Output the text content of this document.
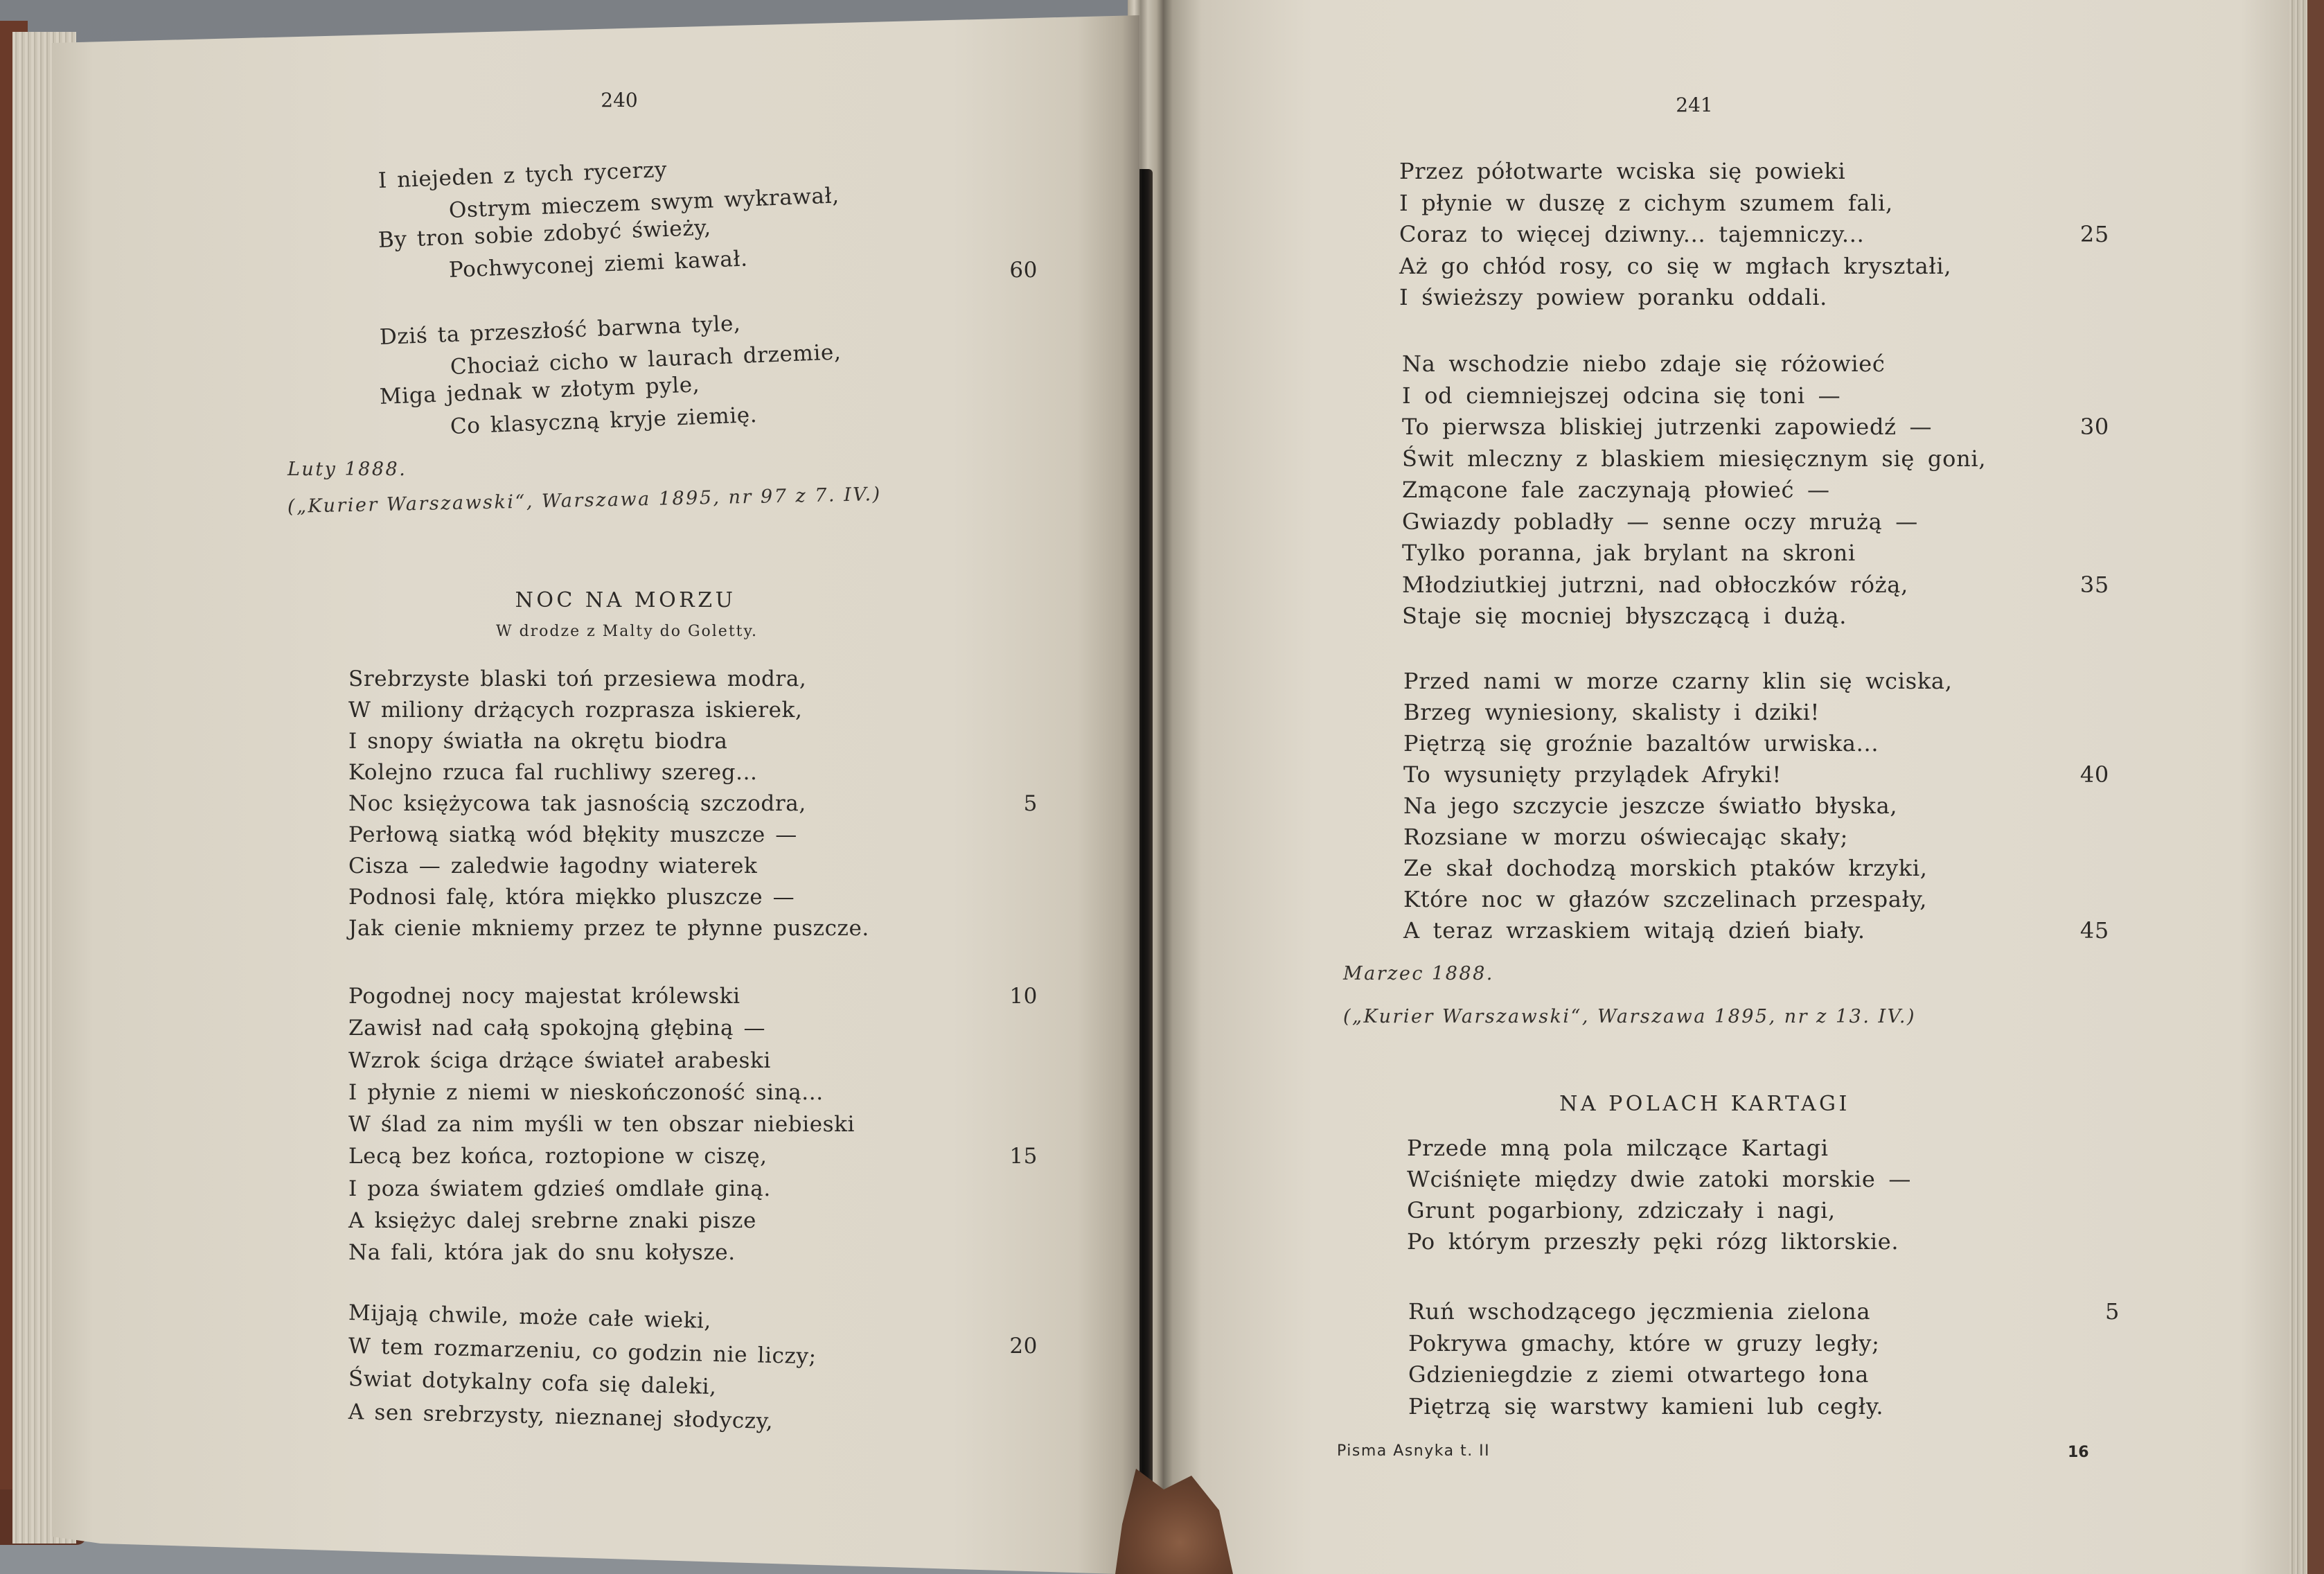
240
I niejeden z tych rycerzy
Ostrym mieczem swym wykrawał,
By tron sobie zdobyć świeży,
Pochwyconej ziemi kawał.	60
Dziś ta przeszłość barwna tyle,
Chociaż cicho w laurach drzemie,
Miga jednak w złotym pyle,
Co klasyczną kryje ziemię.
Luty 1888.
(„Kurier Warszawski“, Warszawa 1895, nr 97 z 7. IV.)
NOC NA MORZU
W drodze z Malty do Goletty.
Srebrzyste blaski toń przesiewa modra,
W miliony drżących rozprasza iskierek,
I snopy światła na okrętu biodra
Kolejno rzuca fal ruchliwy szereg...
Noc księżycowa tak jasnością szczodra,	5
Perłową siatką wód błękity muszcze —
Cisza — zaledwie łagodny wiaterek
Podnosi falę, która miękko pluszcze —
Jak cienie mkniemy przez te płynne puszcze.
Pogodnej nocy majestat królewski	10
Zawisł nad całą spokojną głębiną —
Wzrok ściga drżące świateł arabeski
I płynie z niemi w nieskończoność siną...
W ślad za nim myśli w ten obszar niebieski
Lecą bez końca, roztopione w ciszę,	15
I poza światem gdzieś omdlałe giną.
A księżyc dalej srebrne znaki pisze
Na fali, która jak do snu kołysze.
Mijają chwile, może całe wieki,
W tem rozmarzeniu, co godzin nie liczy;	20
Świat dotykalny cofa się daleki,
A sen srebrzysty, nieznanej słodyczy,
241
Przez półotwarte wciska się powieki
I płynie w duszę z cichym szumem fali,
Coraz to więcej dziwny... tajemniczy...	25
Aż go chłód rosy, co się w mgłach kryształi,
I świeższy powiew poranku oddali.
Na wschodzie niebo zdaje się różowieć
I od ciemniejszej odcina się toni —
To pierwsza bliskiej jutrzenki zapowiedź —	30
Świt mleczny z blaskiem miesięcznym się goni,
Zmącone fale zaczynają płowieć —
Gwiazdy pobladły — senne oczy mrużą —
Tylko poranna, jak brylant na skroni
Młodziutkiej jutrzni, nad obłoczków różą,	35
Staje się mocniej błyszczącą i dużą.
Przed nami w morze czarny klin się wciska,
Brzeg wyniesiony, skalisty i dziki!
Piętrzą się groźnie bazaltów urwiska...
To wysunięty przylądek Afryki!	40
Na jego szczycie jeszcze światło błyska,
Rozsiane w morzu oświecając skały;
Ze skał dochodzą morskich ptaków krzyki,
Które noc w głazów szczelinach przespały,
A teraz wrzaskiem witają dzień biały.	45
Marzec 1888.
(„Kurier Warszawski“, Warszawa 1895, nr z 13. IV.)
NA POLACH KARTAGI
Przede mną pola milczące Kartagi
Wciśnięte między dwie zatoki morskie —
Grunt pogarbiony, zdziczały i nagi,
Po którym przeszły pęki rózg liktorskie.
Ruń wschodzącego jęczmienia zielona	5
Pokrywa gmachy, które w gruzy legły;
Gdzieniegdzie z ziemi otwartego łona
Piętrzą się warstwy kamieni lub cegły.
Pisma Asnyka t. II	16
